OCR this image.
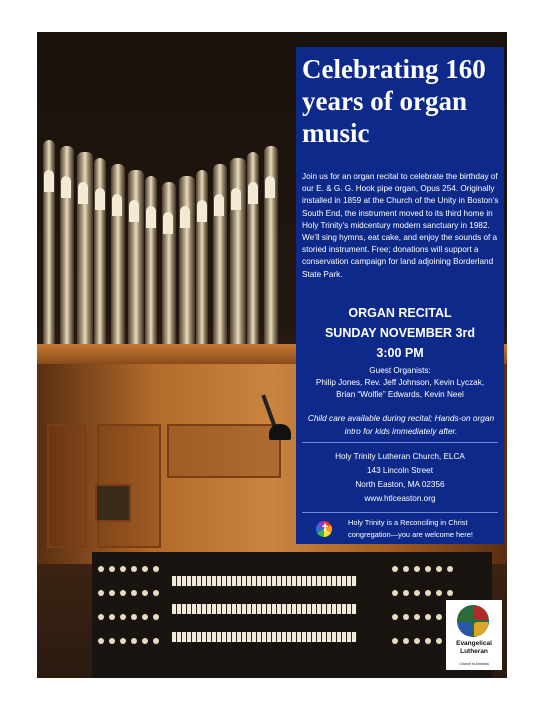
Celebrating 160 years of organ music

Join us for an organ recital to celebrate the birthday of our E. & G. G. Hook pipe organ, Opus 254. Originally installed in 1859 at the Church of the Unity in Boston’s South End, the instrument moved to its third home in Holy Trinity’s midcentury modern sanctuary in 1982. We’ll sing hymns, eat cake, and enjoy the sounds of a storied instrument. Free; donations will support a conservation campaign for land adjoining Borderland State Park.

ORGAN RECITAL

SUNDAY NOVEMBER 3rd

3:00 PM

Guest Organists:

Philip Jones, Rev. Jeff Johnson, Kevin Lyczak,

Brian “Wolfie” Edwards, Kevin Neel

Child care available during recital; Hands-on organ intro for kids immediately after.

Holy Trinity Lutheran Church, ELCA

143 Lincoln Street

North Easton, MA 02356

www.htlceaston.org

✝

Holy Trinity is a Reconciling in Christ congregation—you are welcome here!

Evangelical Lutheran

Church in America
